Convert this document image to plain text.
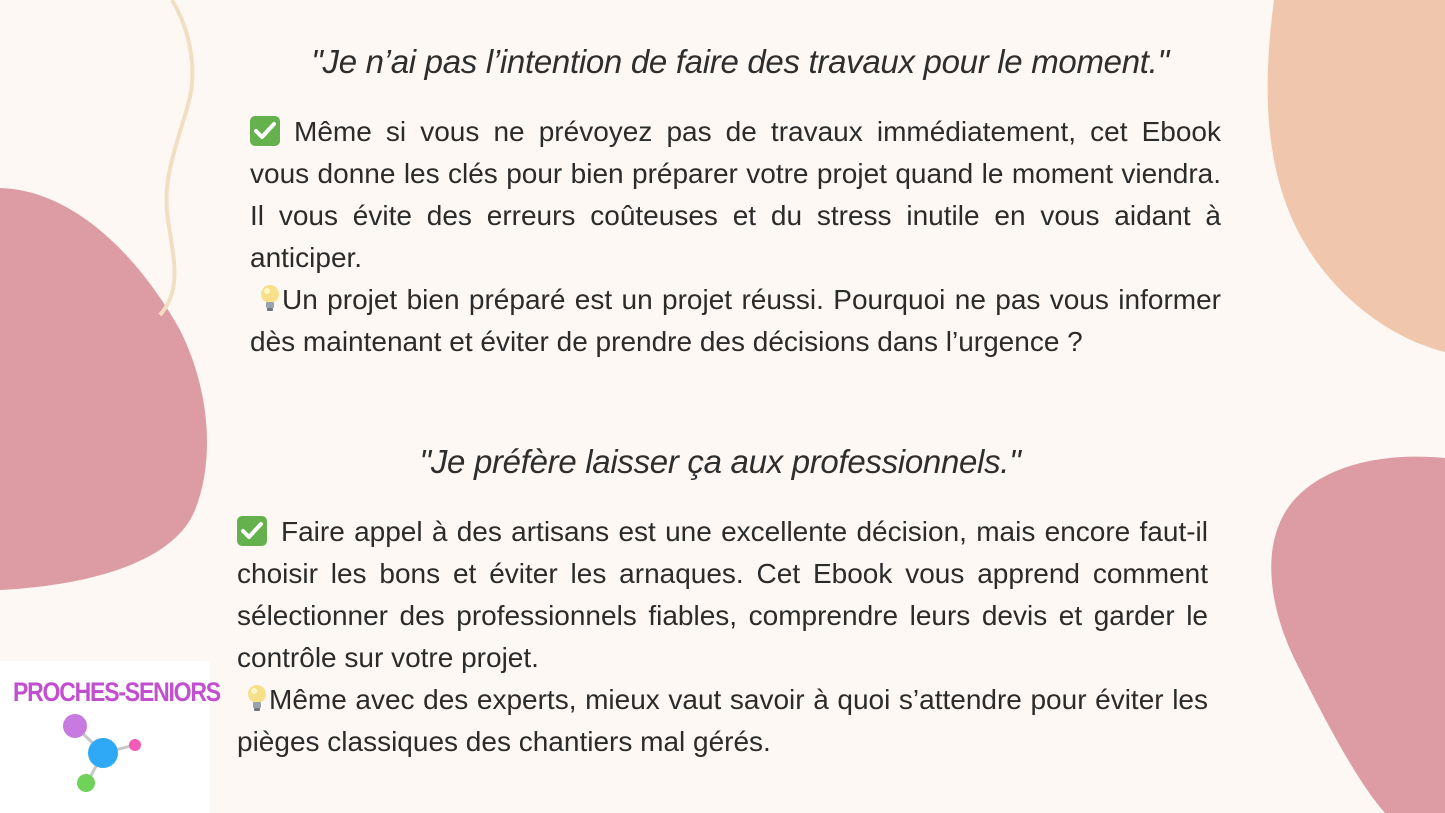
"Je n’ai pas l’intention de faire des travaux pour le moment."

Même si vous ne prévoyez pas de travaux immédiatement, cet Ebook vous donne les clés pour bien préparer votre projet quand le moment viendra. Il vous évite des erreurs coûteuses et du stress inutile en vous aidant à anticiper.

Un projet bien préparé est un projet réussi. Pourquoi ne pas vous informer dès maintenant et éviter de prendre des décisions dans l’urgence ?

"Je préfère laisser ça aux professionnels."

Faire appel à des artisans est une excellente décision, mais encore faut-il choisir les bons et éviter les arnaques. Cet Ebook vous apprend comment sélectionner des professionnels fiables, comprendre leurs devis et garder le contrôle sur votre projet.

Même avec des experts, mieux vaut savoir à quoi s’attendre pour éviter les pièges classiques des chantiers mal gérés.

PROCHES-SENIORS
